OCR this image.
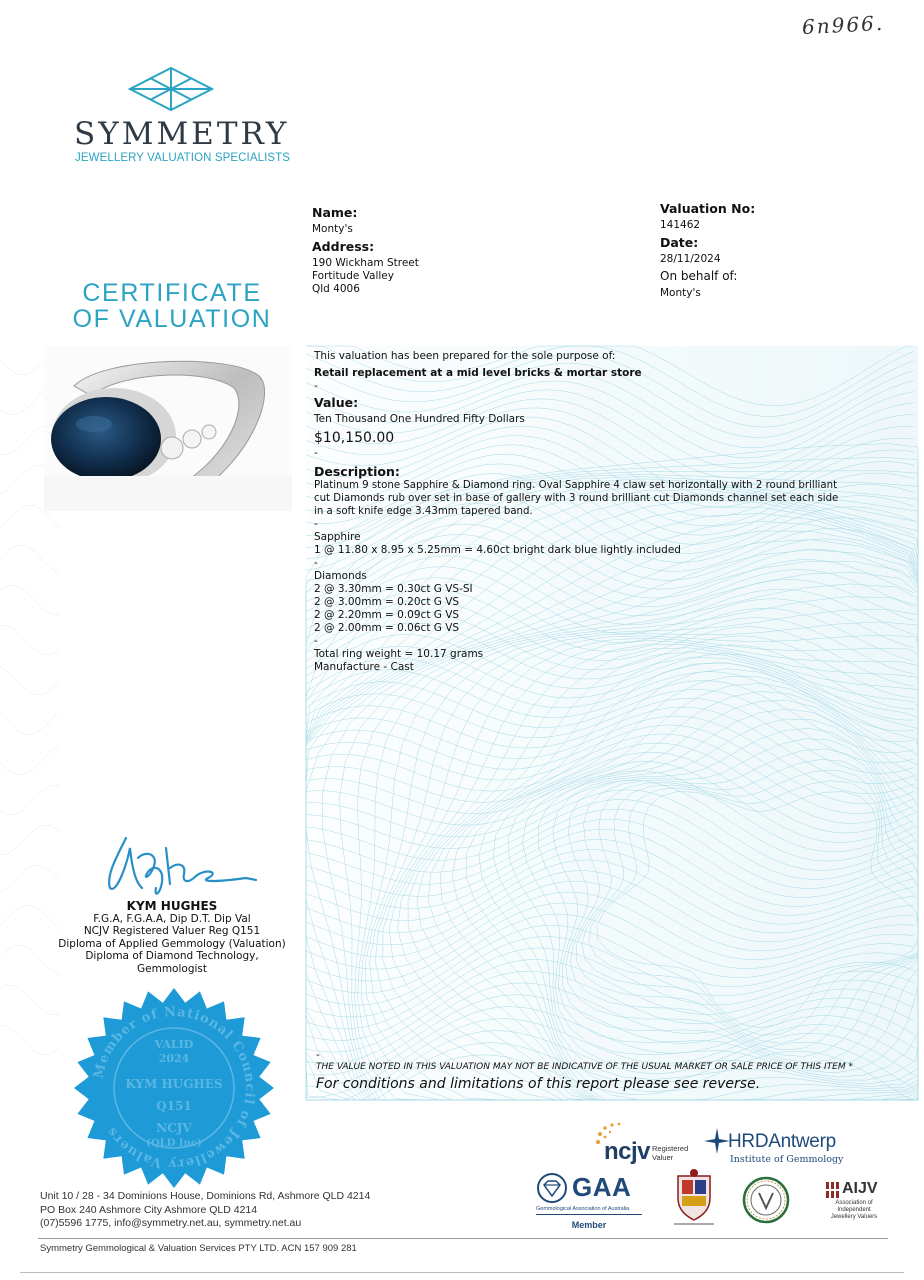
SYMMETRY
JEWELLERY VALUATION SPECIALISTS
6n966.
CERTIFICATE
OF VALUATION
Name:
Monty's
Address:
190 Wickham Street
Fortitude Valley
Qld 4006
Valuation No:
141462
Date:
28/11/2024
On behalf of:
Monty's
This valuation has been prepared for the sole purpose of:
Retail replacement at a mid level bricks & mortar store
-
Value:
Ten Thousand One Hundred Fifty Dollars
$10,150.00
-
Description:
Platinum 9 stone Sapphire & Diamond ring. Oval Sapphire 4 claw set horizontally with 2 round brilliant
cut Diamonds rub over set in base of gallery with 3 round brilliant cut Diamonds channel set each side
in a soft knife edge 3.43mm tapered band.
-
Sapphire
1 @ 11.80 x 8.95 x 5.25mm = 4.60ct bright dark blue lightly included
-
Diamonds
2 @ 3.30mm = 0.30ct G VS-SI
2 @ 3.00mm = 0.20ct G VS
2 @ 2.20mm = 0.09ct G VS
2 @ 2.00mm = 0.06ct G VS
-
Total ring weight = 10.17 grams
Manufacture - Cast
-
THE VALUE NOTED IN THIS VALUATION MAY NOT BE INDICATIVE OF THE USUAL MARKET OR SALE PRICE OF THIS ITEM *
For conditions and limitations of this report please see reverse.
KYM HUGHES
F.G.A, F.G.A.A, Dip D.T. Dip Val
NCJV Registered Valuer Reg Q151
Diploma of Applied Gemmology (Valuation)
Diploma of Diamond Technology,
Gemmologist
Member of National Council of Jewellery Valuers
VALID
2024
KYM HUGHES
Q151
NCJV
(QLD Inc)
Unit 10 / 28 - 34 Dominions House, Dominions Rd, Ashmore QLD 4214
PO Box 240 Ashmore City Ashmore QLD 4214
(07)5596 1775, info@symmetry.net.au, symmetry.net.au
Symmetry Gemmological & Valuation Services PTY LTD. ACN 157 909 281
ncjv Registered
Valuer
HRDAntwerp
Institute of Gemmology
GAA
Gemmological Association of Australia
Member
AIJV
Association of
Independent
Jewellery Valuers
